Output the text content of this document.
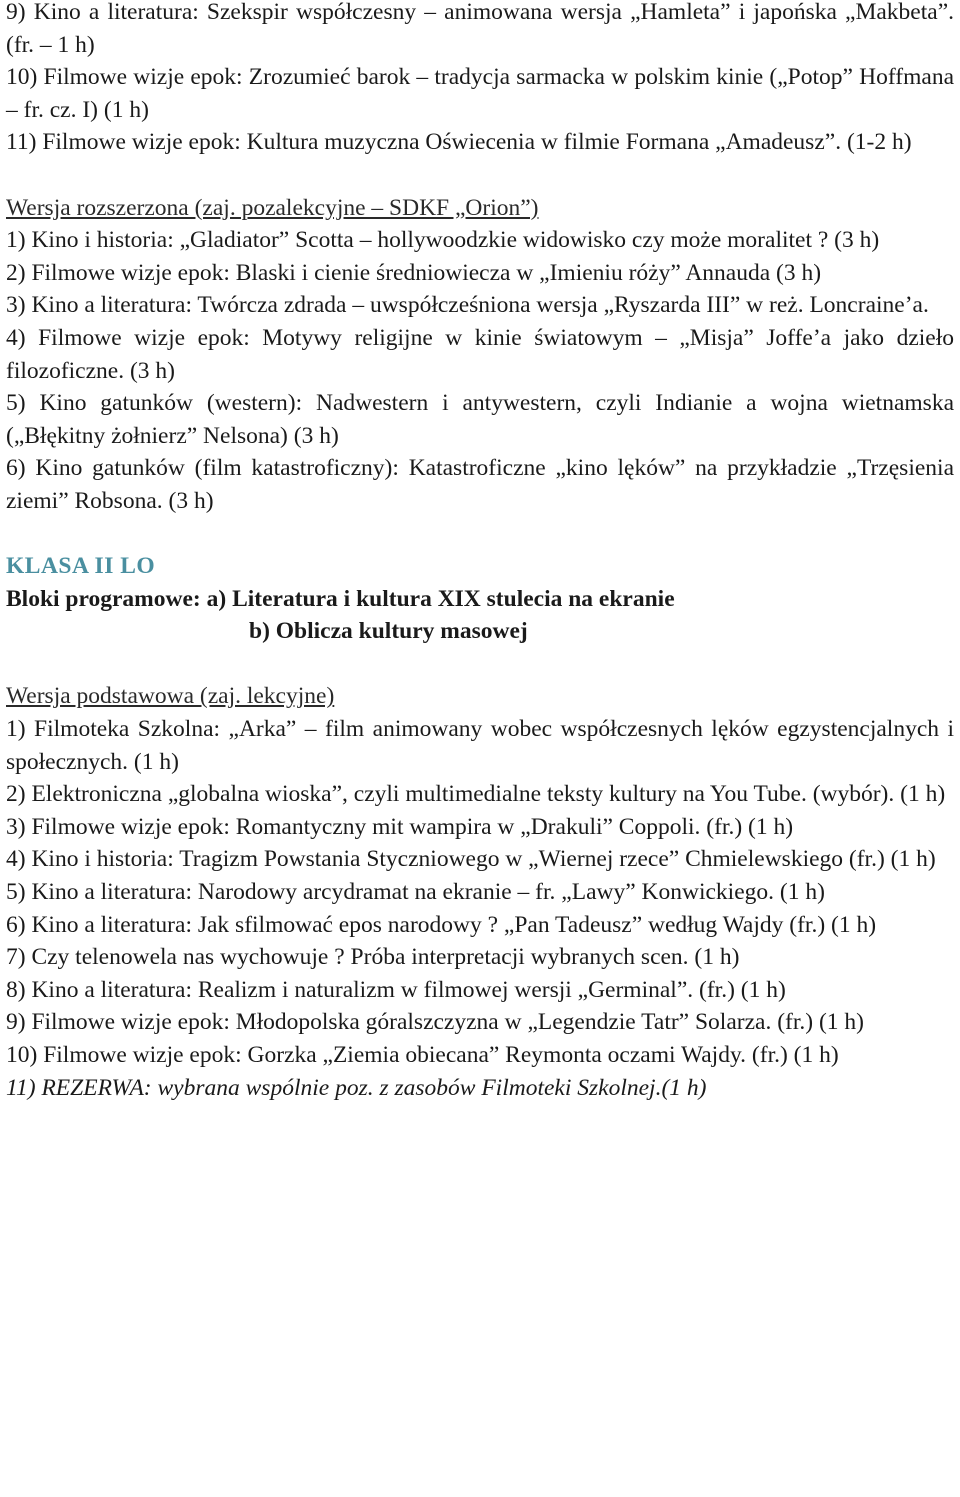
9) Kino a literatura: Szekspir współczesny – animowana wersja „Hamleta” i japońska „Makbeta”. (fr. – 1 h)

10) Filmowe wizje epok: Zrozumieć barok – tradycja sarmacka w polskim kinie („Potop” Hoffmana – fr. cz. I) (1 h)

11) Filmowe wizje epok: Kultura muzyczna Oświecenia w filmie Formana „Amadeusz”. (1-2 h)

Wersja rozszerzona (zaj. pozalekcyjne – SDKF „Orion”)

1) Kino i historia: „Gladiator” Scotta – hollywoodzkie widowisko czy może moralitet ? (3 h)

2) Filmowe wizje epok: Blaski i cienie średniowiecza w „Imieniu róży” Annauda (3 h)

3) Kino a literatura: Twórcza zdrada – uwspółcześniona wersja „Ryszarda III” w reż. Loncraine’a.

4) Filmowe wizje epok: Motywy religijne w kinie światowym – „Misja” Joffe’a jako dzieło filozoficzne. (3 h)

5) Kino gatunków (western): Nadwestern i antywestern, czyli Indianie a wojna wietnamska („Błękitny żołnierz” Nelsona) (3 h)

6) Kino gatunków (film katastroficzny): Katastroficzne „kino lęków” na przykładzie „Trzęsienia ziemi” Robsona. (3 h)

KLASA II LO

Bloki programowe: a) Literatura i kultura XIX stulecia na ekranie

b) Oblicza kultury masowej

Wersja podstawowa (zaj. lekcyjne)

1) Filmoteka Szkolna: „Arka” – film animowany wobec współczesnych lęków egzystencjalnych i społecznych. (1 h)

2) Elektroniczna „globalna wioska”, czyli multimedialne teksty kultury na You Tube. (wybór). (1 h)

3) Filmowe wizje epok: Romantyczny mit wampira w „Drakuli” Coppoli. (fr.) (1 h)

4) Kino i historia: Tragizm Powstania Styczniowego w „Wiernej rzece” Chmielewskiego (fr.) (1 h)

5) Kino a literatura: Narodowy arcydramat na ekranie – fr. „Lawy” Konwickiego. (1 h)

6) Kino a literatura: Jak sfilmować epos narodowy ? „Pan Tadeusz” według Wajdy (fr.) (1 h)

7) Czy telenowela nas wychowuje ? Próba interpretacji wybranych scen. (1 h)

8) Kino a literatura: Realizm i naturalizm w filmowej wersji „Germinal”. (fr.) (1 h)

9) Filmowe wizje epok: Młodopolska góralszczyzna w „Legendzie Tatr” Solarza. (fr.) (1 h)

10) Filmowe wizje epok: Gorzka „Ziemia obiecana” Reymonta oczami Wajdy. (fr.) (1 h)

11) REZERWA: wybrana wspólnie poz. z zasobów Filmoteki Szkolnej.(1 h)
